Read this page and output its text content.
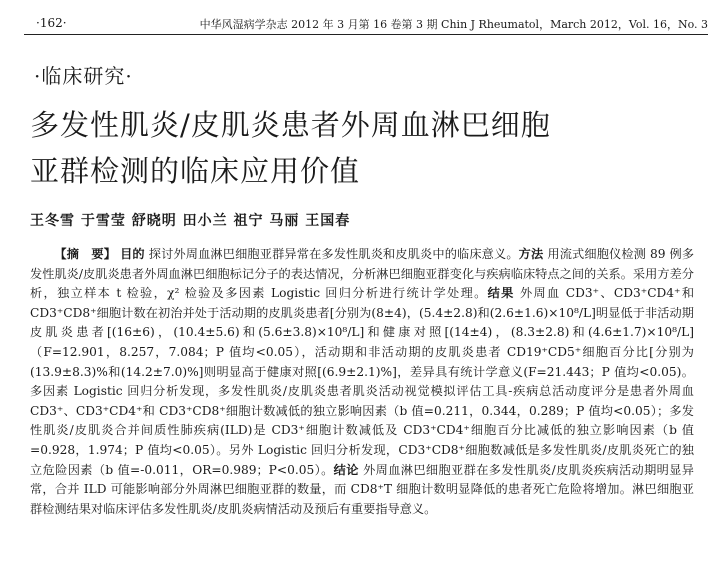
·162·	中华风湿病学杂志 2012 年 3 月第 16 卷第 3 期 Chin J Rheumatol，March 2012，Vol. 16，No. 3
·临床研究·
多发性肌炎/皮肌炎患者外周血淋巴细胞
亚群检测的临床应用价值
王冬雪 于雪莹 舒晓明 田小兰 祖宁 马丽 王国春
【摘　要】 目的 探讨外周血淋巴细胞亚群异常在多发性肌炎和皮肌炎中的临床意义。方法 用流式细胞仪检测 89 例多发性肌炎/皮肌炎患者外周血淋巴细胞标记分子的表达情况，分析淋巴细胞亚群变化与疾病临床特点之间的关系。采用方差分析，独立样本 t 检验，χ² 检验及多因素 Logistic 回归分析进行统计学处理。结果 外周血 CD3⁺、CD3⁺CD4⁺和 CD3⁺CD8⁺细胞计数在初治并处于活动期的皮肌炎患者[分别为(8±4)，(5.4±2.8)和(2.6±1.6)×10⁸/L]明显低于非活动期皮肌炎患者[(16±6)，(10.4±5.6)和(5.6±3.8)×10⁸/L]和健康对照[(14±4)，(8.3±2.8)和(4.6±1.7)×10⁸/L]（F=12.901，8.257，7.084；P 值均<0.05），活动期和非活动期的皮肌炎患者 CD19⁺CD5⁺细胞百分比[分别为(13.9±8.3)%和(14.2±7.0)%]则明显高于健康对照[(6.9±2.1)%]，差异具有统计学意义(F=21.443；P 值均<0.05)。多因素 Logistic 回归分析发现，多发性肌炎/皮肌炎患者肌炎活动视觉模拟评估工具-疾病总活动度评分是患者外周血 CD3⁺、CD3⁺CD4⁺和 CD3⁺CD8⁺细胞计数减低的独立影响因素（b 值=0.211，0.344，0.289；P 值均<0.05）；多发性肌炎/皮肌炎合并间质性肺疾病(ILD)是 CD3⁺细胞计数减低及 CD3⁺CD4⁺细胞百分比减低的独立影响因素（b 值=0.928，1.974；P 值均<0.05）。另外 Logistic 回归分析发现，CD3⁺CD8⁺细胞数减低是多发性肌炎/皮肌炎死亡的独立危险因素（b 值=-0.011，OR=0.989；P<0.05）。结论 外周血淋巴细胞亚群在多发性肌炎/皮肌炎疾病活动期明显异常，合并 ILD 可能影响部分外周淋巴细胞亚群的数量，而 CD8⁺T 细胞计数明显降低的患者死亡危险将增加。淋巴细胞亚群检测结果对临床评估多发性肌炎/皮肌炎病情活动及预后有重要指导意义。
